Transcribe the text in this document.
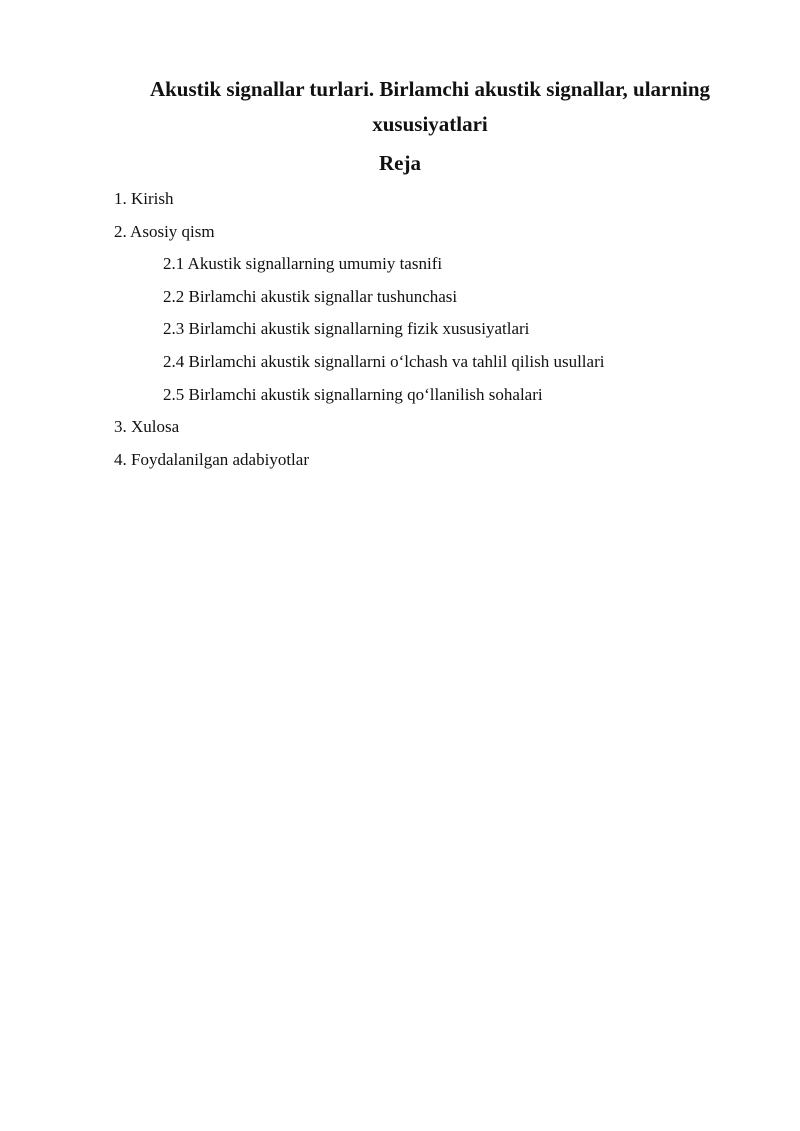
Akustik signallar turlari. Birlamchi akustik signallar, ularning xususiyatlari
Reja
1. Kirish
2. Asosiy qism
2.1 Akustik signallarning umumiy tasnifi
2.2 Birlamchi akustik signallar tushunchasi
2.3 Birlamchi akustik signallarning fizik xususiyatlari
2.4 Birlamchi akustik signallarni o‘lchash va tahlil qilish usullari
2.5 Birlamchi akustik signallarning qo‘llanilish sohalari
3. Xulosa
4. Foydalanilgan adabiyotlar
